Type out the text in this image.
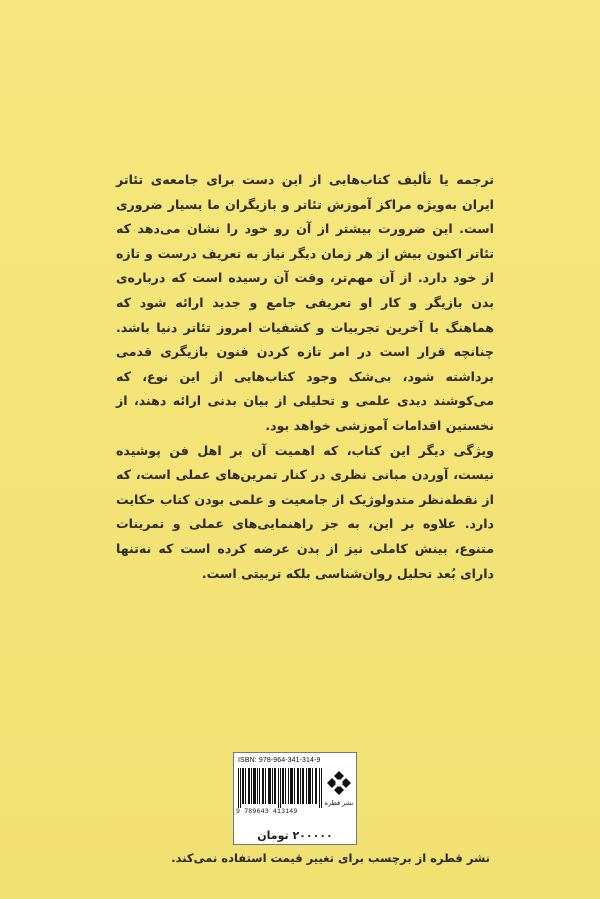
ترجمه یا تألیف کتاب‌هایی از این دست برای جامعه‌ی تئاتر ایران به‌ویژه مراکز آموزش تئاتر و بازیگران ما بسیار ضروری است. این ضرورت بیشتر از آن رو خود را نشان می‌دهد که تئاتر اکنون بیش از هر زمان دیگر نیاز به تعریف درست و تازه از خود دارد. از آن مهم‌تر، وقت آن رسیده است که درباره‌ی بدن بازیگر و کار او تعریفی جامع و جدید ارائه شود که هماهنگ با آخرین تجربیات و کشفیات امروز تئاتر دنیا باشد. چنانچه قرار است در امر تازه کردن فنون بازیگری قدمی برداشته شود، بی‌شک وجود کتاب‌هایی از این نوع، که می‌کوشند دیدی علمی و تحلیلی از بیان بدنی ارائه دهند، از نخستین اقدامات آموزشی خواهد بود.

ویژگی دیگر این کتاب، که اهمیت آن بر اهل فن پوشیده نیست، آوردن مبانی نظری در کنار تمرین‌های عملی است، که از نقطه‌نظر متدولوژیک از جامعیت و علمی بودن کتاب حکایت دارد. علاوه بر این، به جز راهنمایی‌های عملی و تمرینات متنوع، بینش کاملی نیز از بدن عرضه کرده است که نه‌تنها دارای بُعد تحلیل روان‌شناسی بلکه تربیتی است.

ISBN: 978-964-341-314-9
9 789643 413149
نشر قطره
۲۰۰۰۰۰ تومان
نشر قطره از برچسب برای تغییر قیمت استفاده نمی‌کند.
